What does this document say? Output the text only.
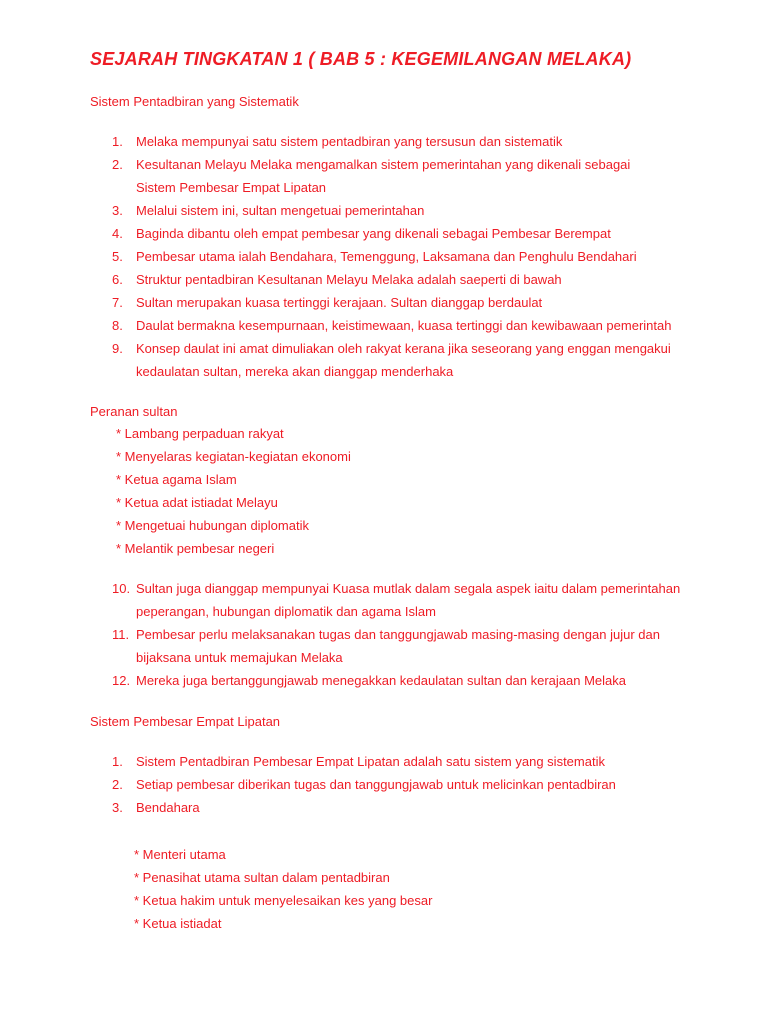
SEJARAH TINGKATAN 1 ( BAB 5 : KEGEMILANGAN MELAKA)
Sistem Pentadbiran yang Sistematik
1. Melaka mempunyai satu sistem pentadbiran yang tersusun dan sistematik
2. Kesultanan Melayu Melaka mengamalkan sistem pemerintahan yang dikenali sebagai
Sistem Pembesar Empat Lipatan
3. Melalui sistem ini, sultan mengetuai pemerintahan
4. Baginda dibantu oleh empat pembesar yang dikenali sebagai Pembesar Berempat
5. Pembesar utama ialah Bendahara, Temenggung, Laksamana dan Penghulu Bendahari
6. Struktur pentadbiran Kesultanan Melayu Melaka adalah saeperti di bawah
7. Sultan merupakan kuasa tertinggi kerajaan. Sultan dianggap berdaulat
8. Daulat bermakna kesempurnaan, keistimewaan, kuasa tertinggi dan kewibawaan pemerintah
9. Konsep daulat ini amat dimuliakan oleh rakyat kerana jika seseorang yang enggan mengakui
kedaulatan sultan, mereka akan dianggap menderhaka
Peranan sultan
* Lambang perpaduan rakyat
* Menyelaras kegiatan-kegiatan ekonomi
* Ketua agama Islam
* Ketua adat istiadat Melayu
* Mengetuai hubungan diplomatik
* Melantik pembesar negeri
10. Sultan juga dianggap mempunyai Kuasa mutlak dalam segala aspek iaitu dalam pemerintahan
peperangan, hubungan diplomatik dan agama Islam
11. Pembesar perlu melaksanakan tugas dan tanggungjawab masing-masing dengan jujur dan
bijaksana untuk memajukan Melaka
12. Mereka juga bertanggungjawab menegakkan kedaulatan sultan dan kerajaan Melaka
Sistem Pembesar Empat Lipatan
1. Sistem Pentadbiran Pembesar Empat Lipatan adalah satu sistem yang sistematik
2. Setiap pembesar diberikan tugas dan tanggungjawab untuk melicinkan pentadbiran
3. Bendahara
* Menteri utama
* Penasihat utama sultan dalam pentadbiran
* Ketua hakim untuk menyelesaikan kes yang besar
* Ketua istiadat
